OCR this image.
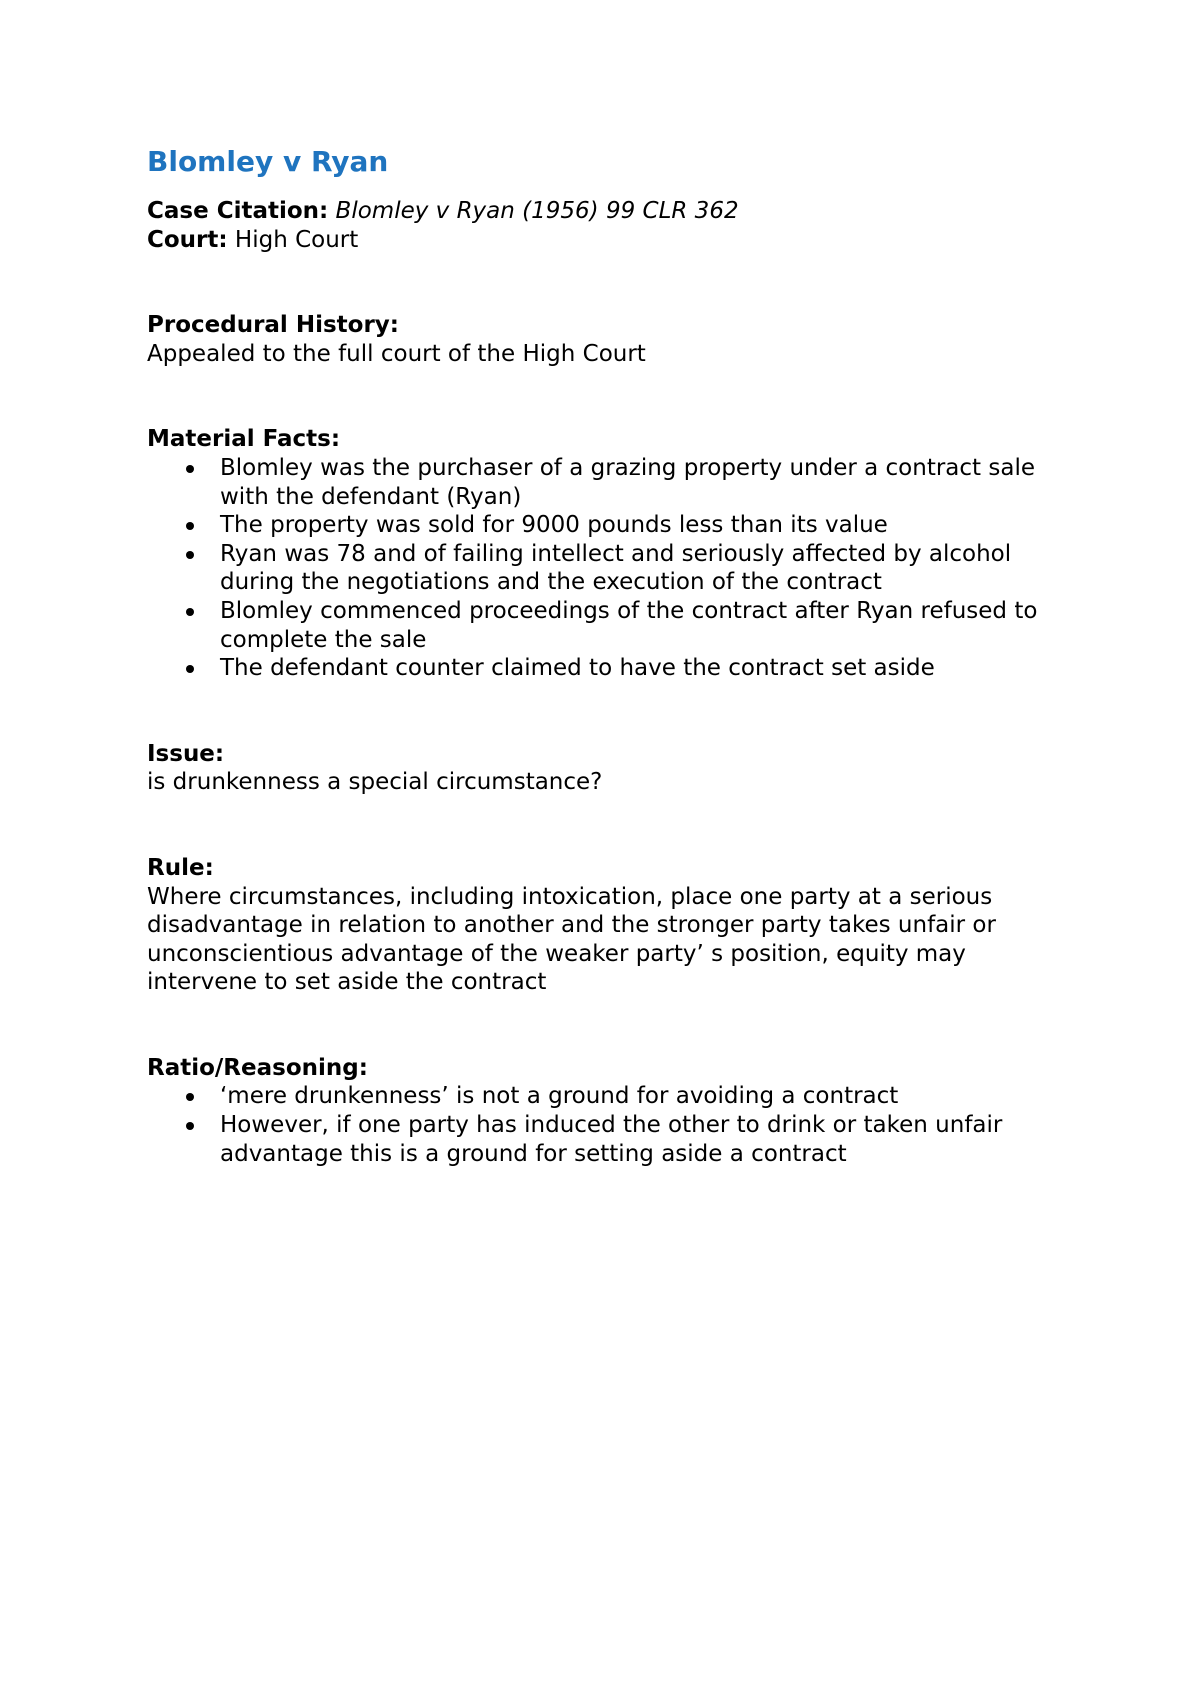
Blomley v Ryan

Case Citation: Blomley v Ryan (1956) 99 CLR 362

Court: High Court

Procedural History:

Appealed to the full court of the High Court

Material Facts:

Blomley was the purchaser of a grazing property under a contract sale with the defendant (Ryan)
The property was sold for 9000 pounds less than its value
Ryan was 78 and of failing intellect and seriously affected by alcohol during the negotiations and the execution of the contract
Blomley commenced proceedings of the contract after Ryan refused to complete the sale
The defendant counter claimed to have the contract set aside

Issue:

is drunkenness a special circumstance?

Rule:

Where circumstances, including intoxication, place one party at a serious disadvantage in relation to another and the stronger party takes unfair or unconscientious advantage of the weaker party’ s position, equity may intervene to set aside the contract

Ratio/Reasoning:

‘mere drunkenness’ is not a ground for avoiding a contract
However, if one party has induced the other to drink or taken unfair advantage this is a ground for setting aside a contract
